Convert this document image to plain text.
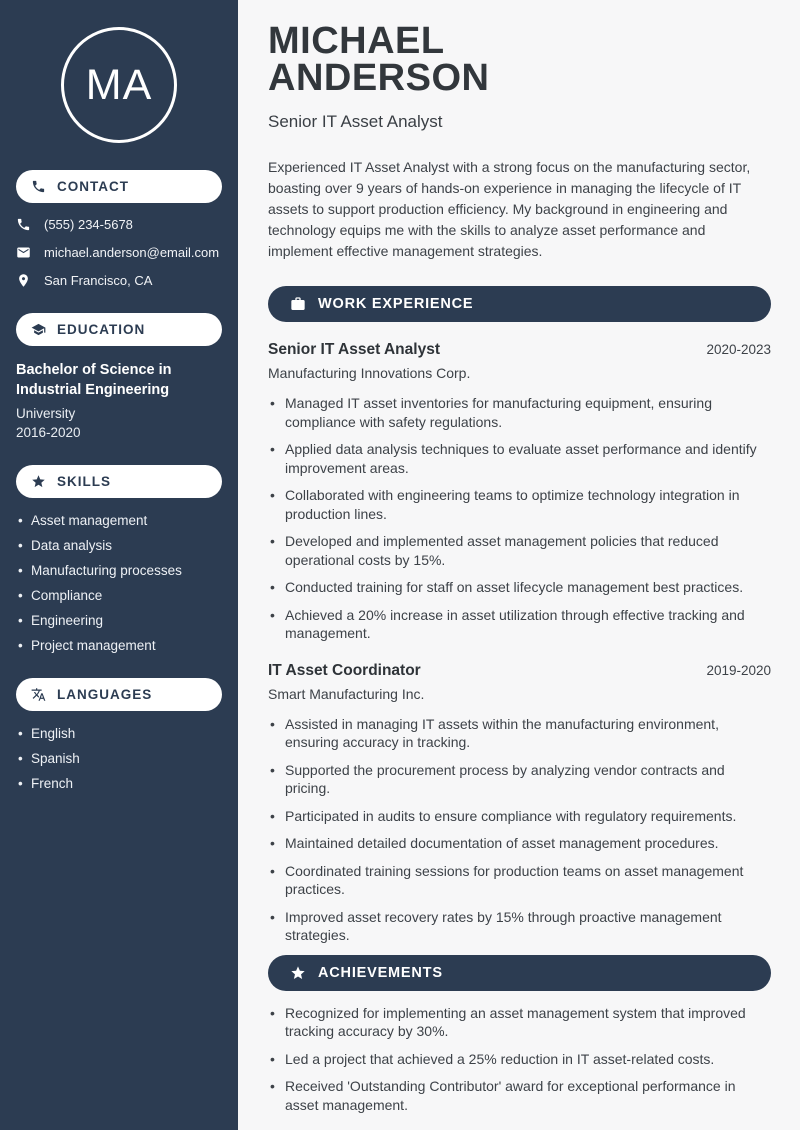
MA
CONTACT
(555) 234-5678
michael.anderson@email.com
San Francisco, CA
EDUCATION
Bachelor of Science in Industrial Engineering
University
2016-2020
SKILLS
• Asset management
• Data analysis
• Manufacturing processes
• Compliance
• Engineering
• Project management
LANGUAGES
• English
• Spanish
• French
MICHAEL
ANDERSON
Senior IT Asset Analyst

Experienced IT Asset Analyst with a strong focus on the manufacturing sector, boasting over 9 years of hands-on experience in managing the lifecycle of IT assets to support production efficiency. My background in engineering and technology equips me with the skills to analyze asset performance and implement effective management strategies.

WORK EXPERIENCE
Senior IT Asset Analyst	2020-2023
Manufacturing Innovations Corp.
• Managed IT asset inventories for manufacturing equipment, ensuring compliance with safety regulations.
• Applied data analysis techniques to evaluate asset performance and identify improvement areas.
• Collaborated with engineering teams to optimize technology integration in production lines.
• Developed and implemented asset management policies that reduced operational costs by 15%.
• Conducted training for staff on asset lifecycle management best practices.
• Achieved a 20% increase in asset utilization through effective tracking and management.
IT Asset Coordinator	2019-2020
Smart Manufacturing Inc.
• Assisted in managing IT assets within the manufacturing environment, ensuring accuracy in tracking.
• Supported the procurement process by analyzing vendor contracts and pricing.
• Participated in audits to ensure compliance with regulatory requirements.
• Maintained detailed documentation of asset management procedures.
• Coordinated training sessions for production teams on asset management practices.
• Improved asset recovery rates by 15% through proactive management strategies.
ACHIEVEMENTS
• Recognized for implementing an asset management system that improved tracking accuracy by 30%.
• Led a project that achieved a 25% reduction in IT asset-related costs.
• Received 'Outstanding Contributor' award for exceptional performance in asset management.
